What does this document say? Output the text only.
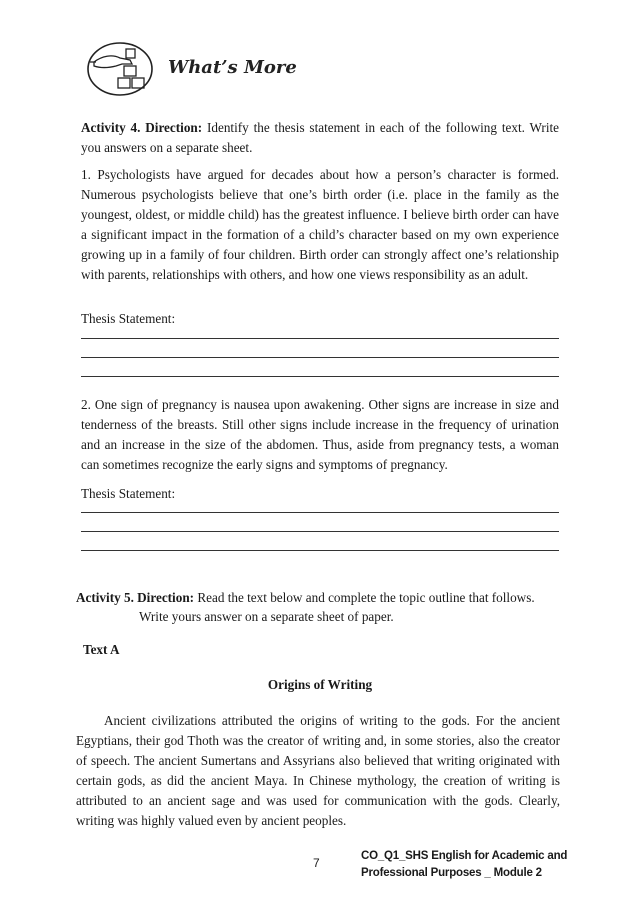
What’s More

Activity 4. Direction: Identify the thesis statement in each of the following text. Write you answers on a separate sheet.

1. Psychologists have argued for decades about how a person’s character is formed. Numerous psychologists believe that one’s birth order (i.e. place in the family as the youngest, oldest, or middle child) has the greatest influence. I believe birth order can have a significant impact in the formation of a child’s character based on my own experience growing up in a family of four children. Birth order can strongly affect one’s relationship with parents, relationships with others, and how one views responsibility as an adult.

Thesis Statement:

2. One sign of pregnancy is nausea upon awakening. Other signs are increase in size and tenderness of the breasts. Still other signs include increase in the frequency of urination and an increase in the size of the abdomen. Thus, aside from pregnancy tests, a woman can sometimes recognize the early signs and symptoms of pregnancy.

Thesis Statement:

Activity 5. Direction: Read the text below and complete the topic outline that follows.

Write yours answer on a separate sheet of paper.

Text A

Origins of Writing

Ancient civilizations attributed the origins of writing to the gods. For the ancient Egyptians, their god Thoth was the creator of writing and, in some stories, also the creator of speech. The ancient Sumertans and Assyrians also believed that writing originated with certain gods, as did the ancient Maya. In Chinese mythology, the creation of writing is attributed to an ancient sage and was used for communication with the gods. Clearly, writing was highly valued even by ancient peoples.

7	CO_Q1_SHS English for Academic and
Professional Purposes _ Module 2
